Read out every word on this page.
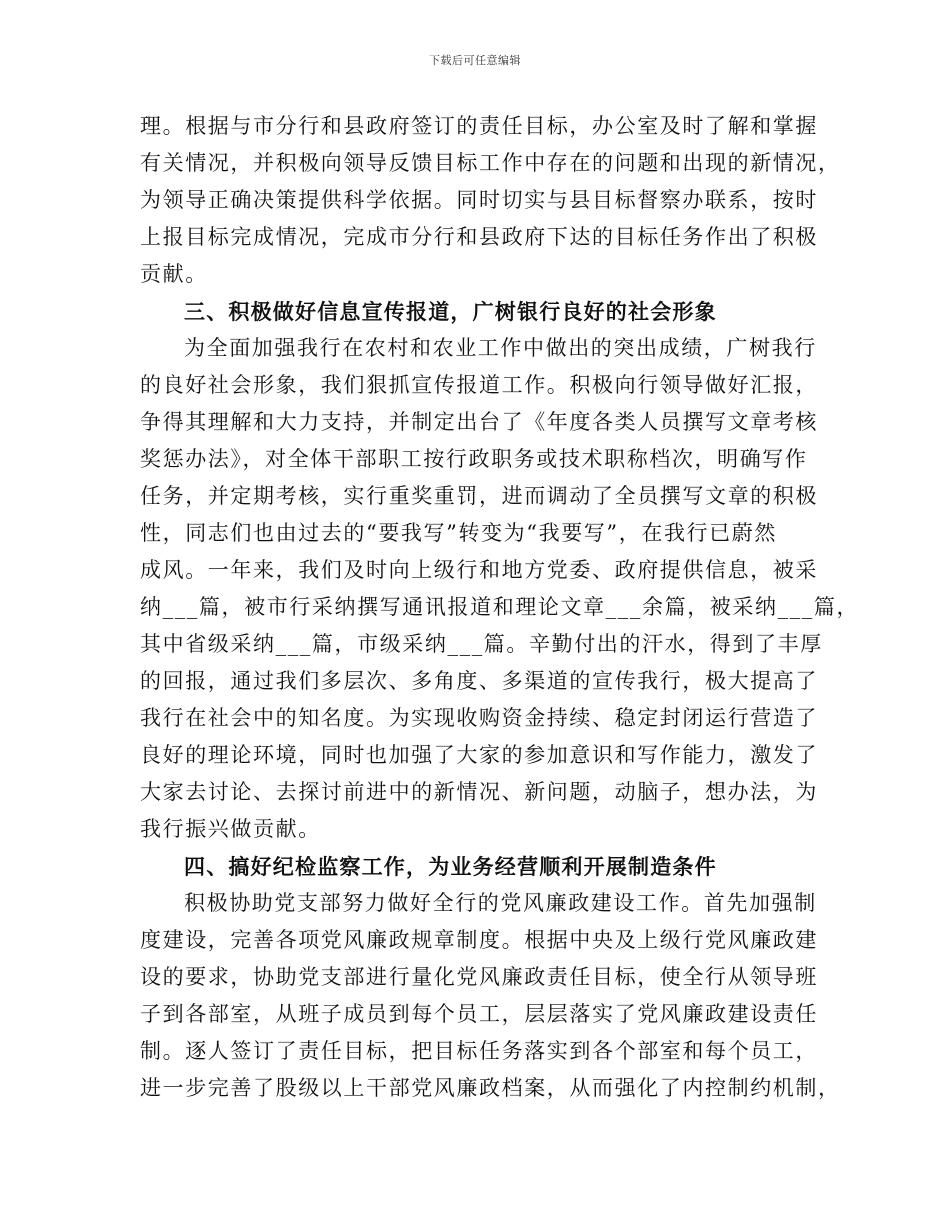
下载后可任意编辑
理。根据与市分行和县政府签订的责任目标，办公室及时了解和掌握
有关情况，并积极向领导反馈目标工作中存在的问题和出现的新情况，
为领导正确决策提供科学依据。同时切实与县目标督察办联系，按时
上报目标完成情况，完成市分行和县政府下达的目标任务作出了积极
贡献。
三、积极做好信息宣传报道，广树银行良好的社会形象
为全面加强我行在农村和农业工作中做出的突出成绩，广树我行
的良好社会形象，我们狠抓宣传报道工作。积极向行领导做好汇报，
争得其理解和大力支持，并制定出台了《年度各类人员撰写文章考核
奖惩办法》，对全体干部职工按行政职务或技术职称档次，明确写作
任务，并定期考核，实行重奖重罚，进而调动了全员撰写文章的积极
性，同志们也由过去的“要我写”转变为“我要写”，在我行已蔚然
成风。一年来，我们及时向上级行和地方党委、政府提供信息，被采
纳___篇，被市行采纳撰写通讯报道和理论文章___余篇，被采纳___篇，
其中省级采纳___篇，市级采纳___篇。辛勤付出的汗水，得到了丰厚
的回报，通过我们多层次、多角度、多渠道的宣传我行，极大提高了
我行在社会中的知名度。为实现收购资金持续、稳定封闭运行营造了
良好的理论环境，同时也加强了大家的参加意识和写作能力，激发了
大家去讨论、去探讨前进中的新情况、新问题，动脑子，想办法，为
我行振兴做贡献。
四、搞好纪检监察工作，为业务经营顺利开展制造条件
积极协助党支部努力做好全行的党风廉政建设工作。首先加强制
度建设，完善各项党风廉政规章制度。根据中央及上级行党风廉政建
设的要求，协助党支部进行量化党风廉政责任目标，使全行从领导班
子到各部室，从班子成员到每个员工，层层落实了党风廉政建设责任
制。逐人签订了责任目标，把目标任务落实到各个部室和每个员工，
进一步完善了股级以上干部党风廉政档案，从而强化了内控制约机制，
